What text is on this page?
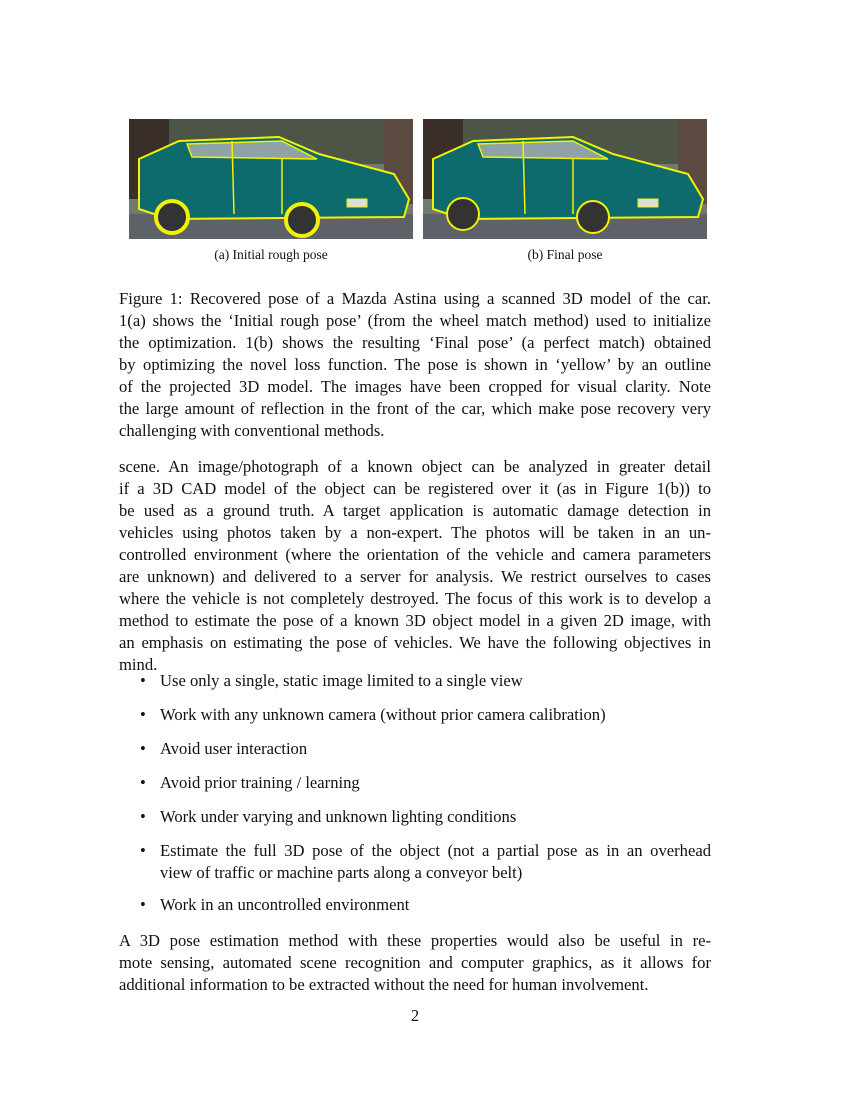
(a) Initial rough pose	(b) Final pose
Figure 1: Recovered pose of a Mazda Astina using a scanned 3D model of the car.
1(a) shows the ‘Initial rough pose’ (from the wheel match method) used to initialize
the optimization. 1(b) shows the resulting ‘Final pose’ (a perfect match) obtained
by optimizing the novel loss function. The pose is shown in ‘yellow’ by an outline
of the projected 3D model. The images have been cropped for visual clarity. Note
the large amount of reflection in the front of the car, which make pose recovery very
challenging with conventional methods.
scene. An image/photograph of a known object can be analyzed in greater detail
if a 3D CAD model of the object can be registered over it (as in Figure 1(b)) to
be used as a ground truth. A target application is automatic damage detection in
vehicles using photos taken by a non-expert. The photos will be taken in an un-
controlled environment (where the orientation of the vehicle and camera parameters
are unknown) and delivered to a server for analysis. We restrict ourselves to cases
where the vehicle is not completely destroyed. The focus of this work is to develop a
method to estimate the pose of a known 3D object model in a given 2D image, with
an emphasis on estimating the pose of vehicles. We have the following objectives in
mind.
• Use only a single, static image limited to a single view
• Work with any unknown camera (without prior camera calibration)
• Avoid user interaction
• Avoid prior training / learning
• Work under varying and unknown lighting conditions
• Estimate the full 3D pose of the object (not a partial pose as in an overhead
view of traffic or machine parts along a conveyor belt)
• Work in an uncontrolled environment
A 3D pose estimation method with these properties would also be useful in re-
mote sensing, automated scene recognition and computer graphics, as it allows for
additional information to be extracted without the need for human involvement.
2
